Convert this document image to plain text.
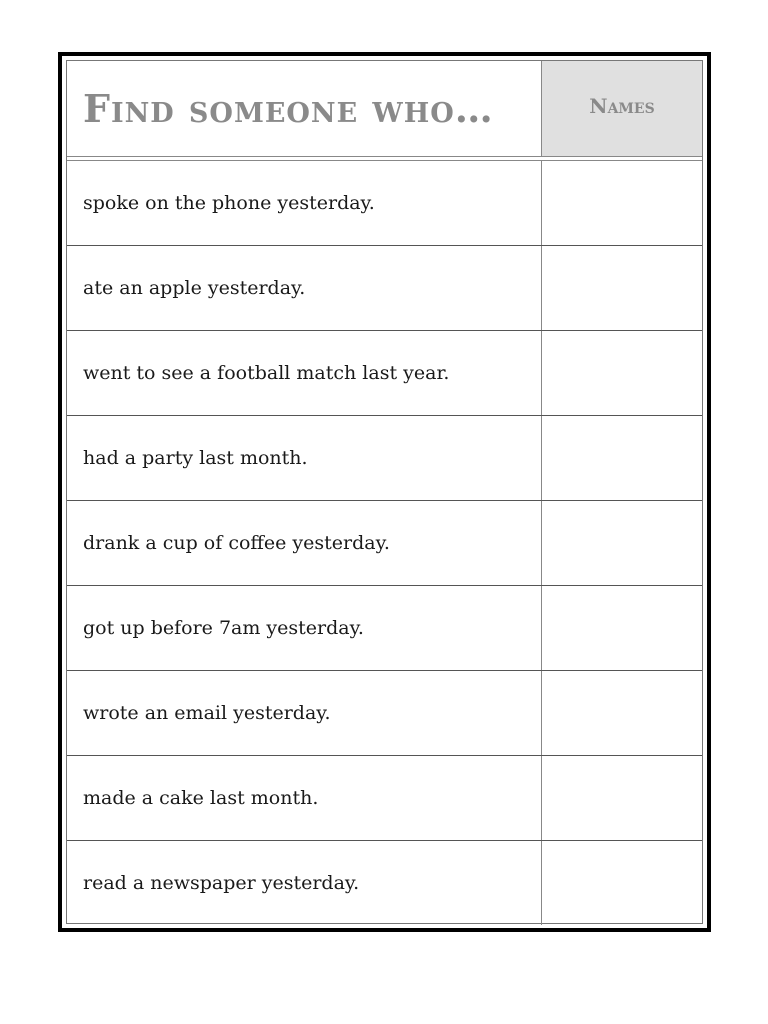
Find someone who…	Names
spoke on the phone yesterday.
ate an apple yesterday.
went to see a football match last year.
had a party last month.
drank a cup of coffee yesterday.
got up before 7am yesterday.
wrote an email yesterday.
made a cake last month.
read a newspaper yesterday.
